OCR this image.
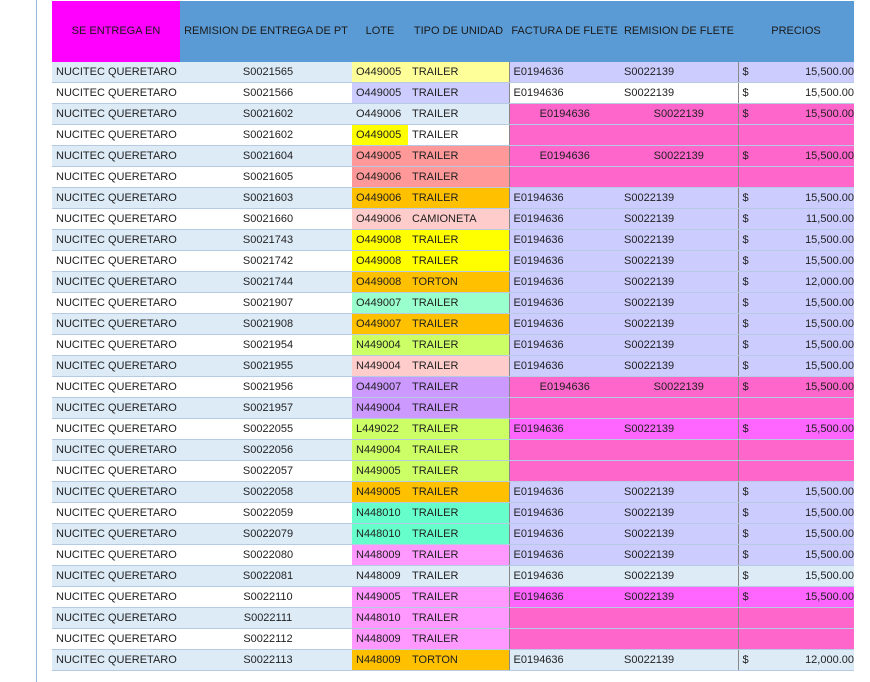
SE ENTREGA EN	REMISION DE ENTREGA DE PT	LOTE	TIPO DE UNIDAD	FACTURA DE FLETE	REMISION DE FLETE	PRECIOS	
NUCITEC QUERETARO	S0021565	O449005	TRAILER	E0194636	S0022139	$	15,500.00
NUCITEC QUERETARO	S0021566	O449005	TRAILER	E0194636	S0022139	$	15,500.00
NUCITEC QUERETARO	S0021602	O449006	TRAILER	E0194636	S0022139	$	15,500.00
NUCITEC QUERETARO	S0021602	O449005	TRAILER				
NUCITEC QUERETARO	S0021604	O449005	TRAILER	E0194636	S0022139	$	15,500.00
NUCITEC QUERETARO	S0021605	O449006	TRAILER				
NUCITEC QUERETARO	S0021603	O449006	TRAILER	E0194636	S0022139	$	15,500.00
NUCITEC QUERETARO	S0021660	O449006	CAMIONETA	E0194636	S0022139	$	11,500.00
NUCITEC QUERETARO	S0021743	O449008	TRAILER	E0194636	S0022139	$	15,500.00
NUCITEC QUERETARO	S0021742	O449008	TRAILER	E0194636	S0022139	$	15,500.00
NUCITEC QUERETARO	S0021744	O449008	TORTON	E0194636	S0022139	$	12,000.00
NUCITEC QUERETARO	S0021907	O449007	TRAILER	E0194636	S0022139	$	15,500.00
NUCITEC QUERETARO	S0021908	O449007	TRAILER	E0194636	S0022139	$	15,500.00
NUCITEC QUERETARO	S0021954	N449004	TRAILER	E0194636	S0022139	$	15,500.00
NUCITEC QUERETARO	S0021955	N449004	TRAILER	E0194636	S0022139	$	15,500.00
NUCITEC QUERETARO	S0021956	O449007	TRAILER	E0194636	S0022139	$	15,500.00
NUCITEC QUERETARO	S0021957	N449004	TRAILER				
NUCITEC QUERETARO	S0022055	L449022	TRAILER	E0194636	S0022139	$	15,500.00
NUCITEC QUERETARO	S0022056	N449004	TRAILER				
NUCITEC QUERETARO	S0022057	N449005	TRAILER				
NUCITEC QUERETARO	S0022058	N449005	TRAILER	E0194636	S0022139	$	15,500.00
NUCITEC QUERETARO	S0022059	N448010	TRAILER	E0194636	S0022139	$	15,500.00
NUCITEC QUERETARO	S0022079	N448010	TRAILER	E0194636	S0022139	$	15,500.00
NUCITEC QUERETARO	S0022080	N448009	TRAILER	E0194636	S0022139	$	15,500.00
NUCITEC QUERETARO	S0022081	N448009	TRAILER	E0194636	S0022139	$	15,500.00
NUCITEC QUERETARO	S0022110	N449005	TRAILER	E0194636	S0022139	$	15,500.00
NUCITEC QUERETARO	S0022111	N448010	TRAILER				
NUCITEC QUERETARO	S0022112	N448009	TRAILER				
NUCITEC QUERETARO	S0022113	N448009	TORTON	E0194636	S0022139	$	12,000.00
